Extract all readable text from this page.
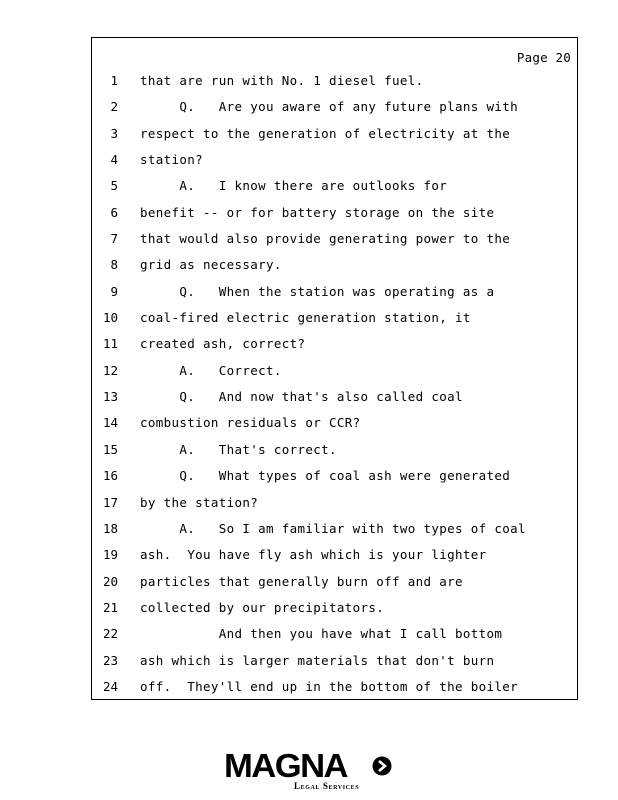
Page 20
1 that are run with No. 1 diesel fuel.
2 Q.   Are you aware of any future plans with
3 respect to the generation of electricity at the
4 station?
5 A.   I know there are outlooks for
6 benefit -- or for battery storage on the site
7 that would also provide generating power to the
8 grid as necessary.
9 Q.   When the station was operating as a
10 coal-fired electric generation station, it
11 created ash, correct?
12 A.   Correct.
13 Q.   And now that's also called coal
14 combustion residuals or CCR?
15 A.   That's correct.
16 Q.   What types of coal ash were generated
17 by the station?
18 A.   So I am familiar with two types of coal
19 ash.  You have fly ash which is your lighter
20 particles that generally burn off and are
21 collected by our precipitators.
22 And then you have what I call bottom
23 ash which is larger materials that don't burn
24 off.  They'll end up in the bottom of the boiler
MAGNA
Legal Services
